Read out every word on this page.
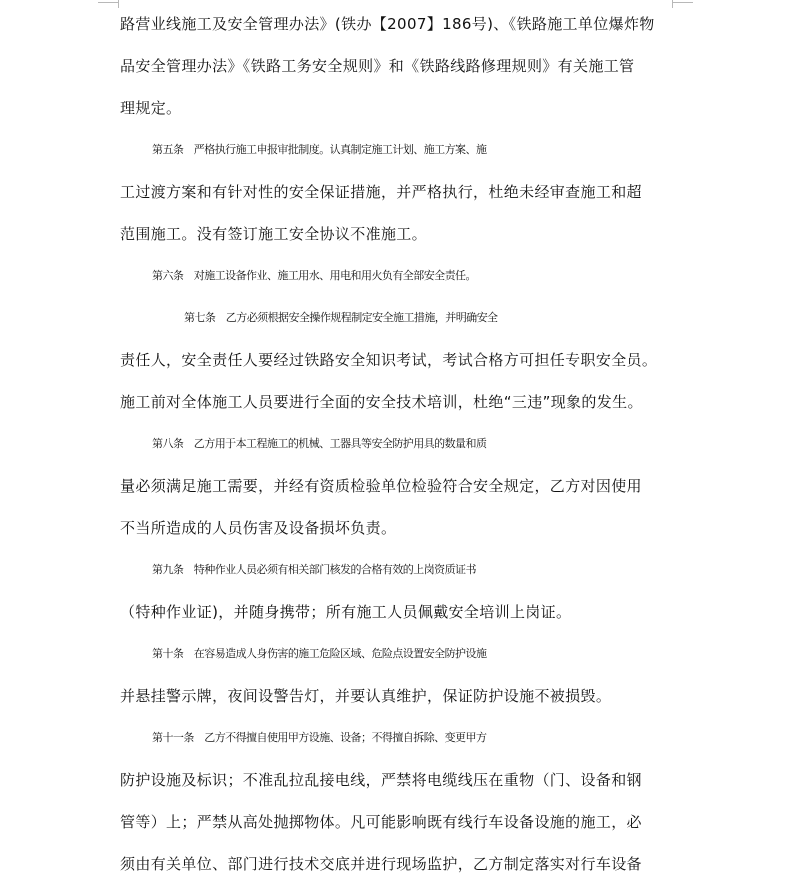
路营业线施工及安全管理办法》(铁办【2007】186号)、《铁路施工单位爆炸物
品安全管理办法》《铁路工务安全规则》和《铁路线路修理规则》有关施工管
理规定。
第五条　严格执行施工申报审批制度。认真制定施工计划、施工方案、施
工过渡方案和有针对性的安全保证措施，并严格执行，杜绝未经审查施工和超
范围施工。没有签订施工安全协议不准施工。
第六条　对施工设备作业、施工用水、用电和用火负有全部安全责任。
第七条　乙方必须根据安全操作规程制定安全施工措施，并明确安全
责任人，安全责任人要经过铁路安全知识考试，考试合格方可担任专职安全员。
施工前对全体施工人员要进行全面的安全技术培训，杜绝“三违”现象的发生。
第八条　乙方用于本工程施工的机械、工器具等安全防护用具的数量和质
量必须满足施工需要，并经有资质检验单位检验符合安全规定，乙方对因使用
不当所造成的人员伤害及设备损坏负责。
第九条　特种作业人员必须有相关部门核发的合格有效的上岗资质证书
（特种作业证)，并随身携带；所有施工人员佩戴安全培训上岗证。
第十条　在容易造成人身伤害的施工危险区域、危险点设置安全防护设施
并悬挂警示牌，夜间设警告灯，并要认真维护，保证防护设施不被损毁。
第十一条　乙方不得擅自使用甲方设施、设备；不得擅自拆除、变更甲方
防护设施及标识；不准乱拉乱接电线，严禁将电缆线压在重物（门、设备和钢
管等）上；严禁从高处抛掷物体。凡可能影响既有线行车设备设施的施工，必
须由有关单位、部门进行技术交底并进行现场监护，乙方制定落实对行车设备
